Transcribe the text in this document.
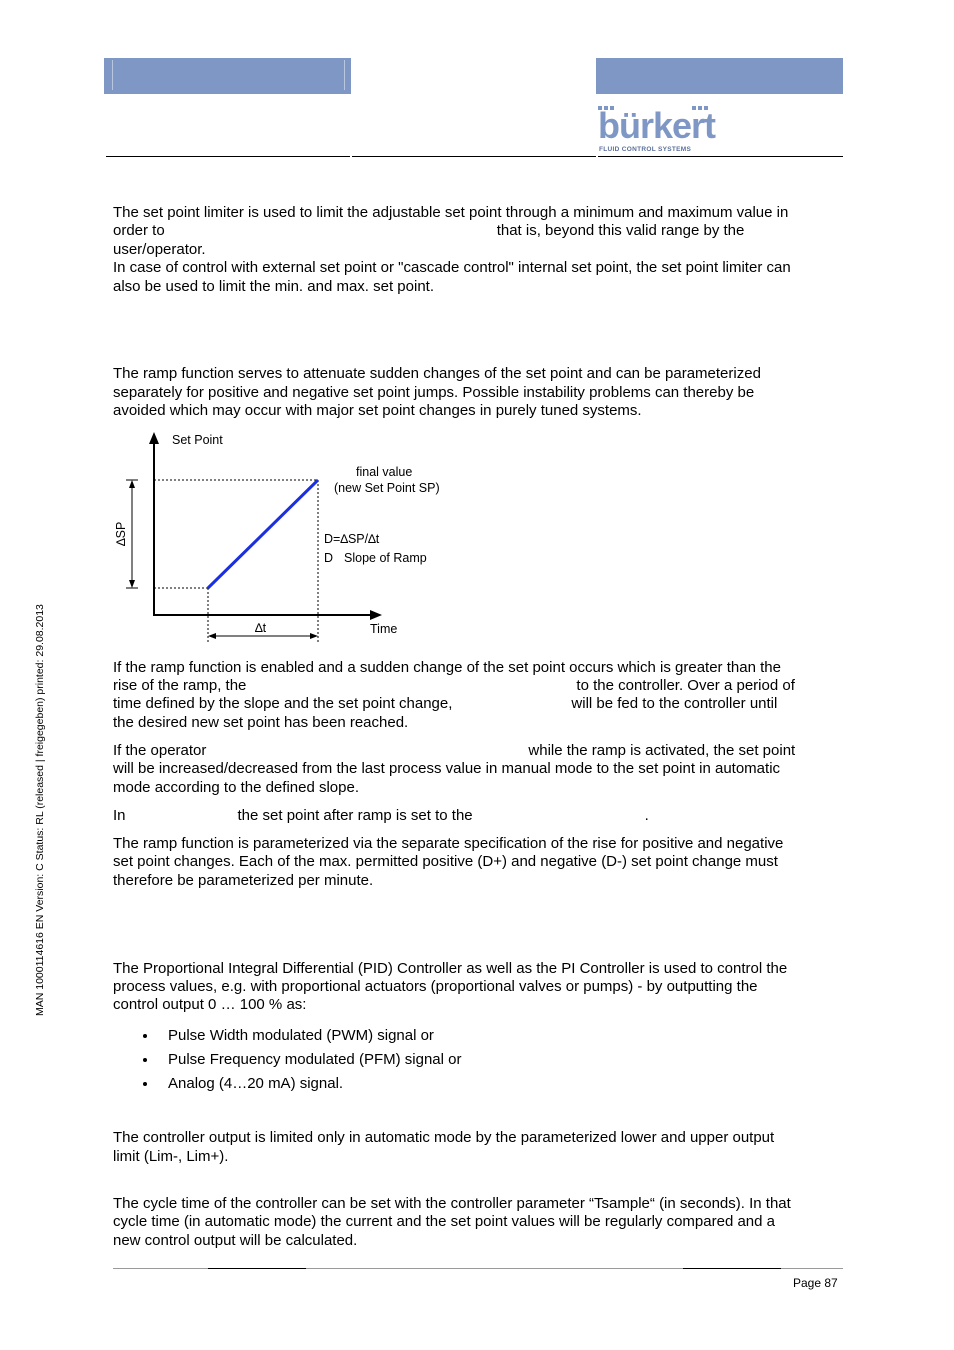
bürkert
FLUID CONTROL SYSTEMS
MAN 1000114616 EN Version: C Status: RL (released | freigegeben) printed: 29.08.2013
The set point limiter is used to limit the adjustable set point through a minimum and maximum value in
order to	that is, beyond this valid range by the
user/operator.
In case of control with external set point or "cascade control" internal set point, the set point limiter can
also be used to limit the min. and max. set point.
The ramp function serves to attenuate sudden changes of the set point and can be parameterized
separately for positive and negative set point jumps. Possible instability problems can thereby be
avoided which may occur with major set point changes in purely tuned systems.
∆SP
∆t
Set Point
Time
final value
(new Set Point SP)
D=∆SP/∆t
D Slope of Ramp
If the ramp function is enabled and a sudden change of the set point occurs which is greater than the
rise of the ramp, the	to the controller. Over a period of
time defined by the slope and the set point change,	will be fed to the controller until
the desired new set point has been reached.
If the operator	while the ramp is activated, the set point
will be increased/decreased from the last process value in manual mode to the set point in automatic
mode according to the defined slope.
In	the set point after ramp is set to the	.
The ramp function is parameterized via the separate specification of the rise for positive and negative
set point changes. Each of the max. permitted positive (D+) and negative (D-) set point change must
therefore be parameterized per minute.
The Proportional Integral Differential (PID) Controller as well as the PI Controller is used to control the
process values, e.g. with proportional actuators (proportional valves or pumps) - by outputting the
control output 0 … 100 % as:
Pulse Width modulated (PWM) signal or
Pulse Frequency modulated (PFM) signal or
Analog (4…20 mA) signal.
The controller output is limited only in automatic mode by the parameterized lower and upper output
limit (Lim-, Lim+).
The cycle time of the controller can be set with the controller parameter “Tsample“ (in seconds). In that
cycle time (in automatic mode) the current and the set point values will be regularly compared and a
new control output will be calculated.
Page 87
